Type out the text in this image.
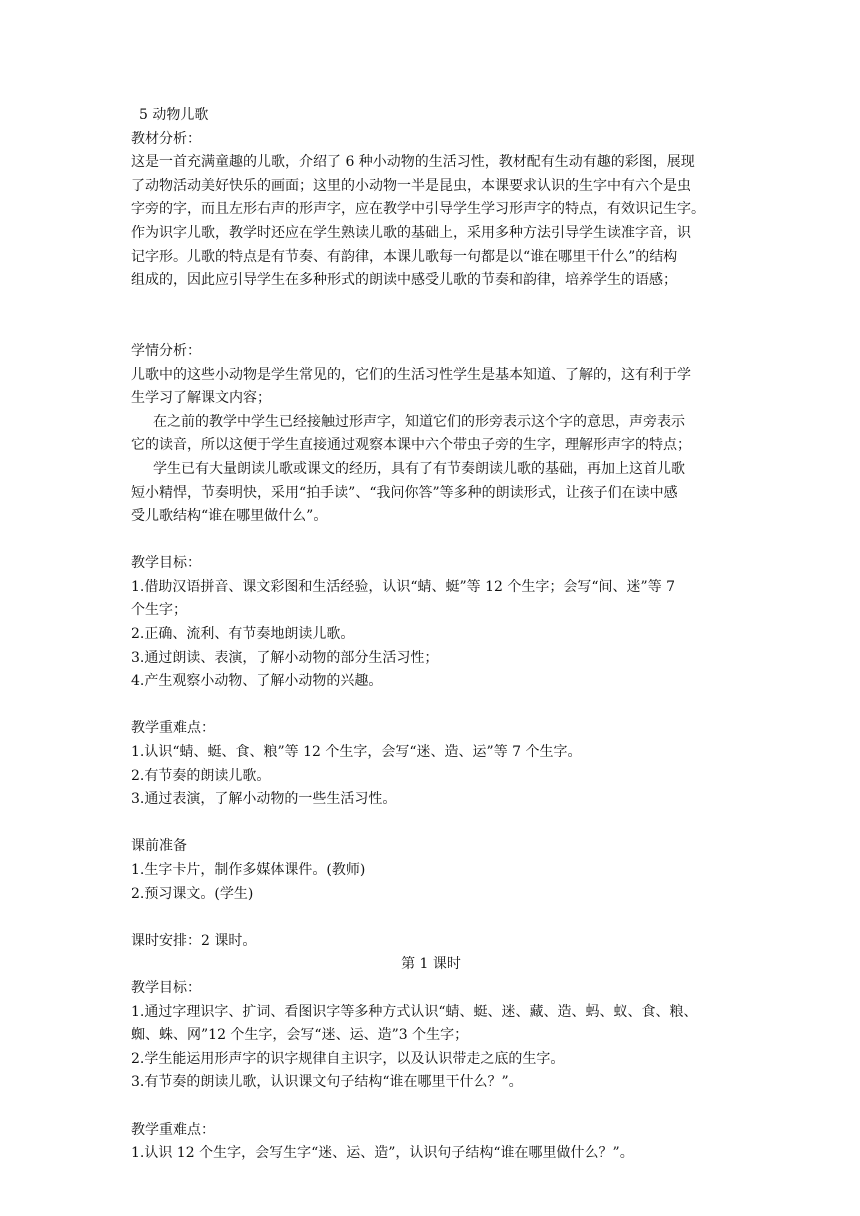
5 动物儿歌

教材分析：

这是一首充满童趣的儿歌，介绍了 6 种小动物的生活习性，教材配有生动有趣的彩图，展现

了动物活动美好快乐的画面；这里的小动物一半是昆虫，本课要求认识的生字中有六个是虫

字旁的字，而且左形右声的形声字，应在教学中引导学生学习形声字的特点，有效识记生字。

作为识字儿歌，教学时还应在学生熟读儿歌的基础上，采用多种方法引导学生读准字音，识

记字形。儿歌的特点是有节奏、有韵律，本课儿歌每一句都是以“谁在哪里干什么”的结构

组成的，因此应引导学生在多种形式的朗读中感受儿歌的节奏和韵律，培养学生的语感；

学情分析：

儿歌中的这些小动物是学生常见的，它们的生活习性学生是基本知道、了解的，这有利于学

生学习了解课文内容；

在之前的教学中学生已经接触过形声字，知道它们的形旁表示这个字的意思，声旁表示

它的读音，所以这便于学生直接通过观察本课中六个带虫子旁的生字，理解形声字的特点；

学生已有大量朗读儿歌或课文的经历，具有了有节奏朗读儿歌的基础，再加上这首儿歌

短小精悍，节奏明快，采用“拍手读”、“我问你答”等多种的朗读形式，让孩子们在读中感

受儿歌结构“谁在哪里做什么”。

教学目标：

1.借助汉语拼音、课文彩图和生活经验，认识“蜻、蜓”等 12 个生字；会写“间、迷”等 7

个生字；

2.正确、流利、有节奏地朗读儿歌。

3.通过朗读、表演，了解小动物的部分生活习性；

4.产生观察小动物、了解小动物的兴趣。

教学重难点：

1.认识“蜻、蜓、食、粮”等 12 个生字，会写“迷、造、运”等 7 个生字。

2.有节奏的朗读儿歌。

3.通过表演，了解小动物的一些生活习性。

课前准备

1.生字卡片，制作多媒体课件。(教师)

2.预习课文。(学生)

课时安排：2 课时。

第 1 课时

教学目标：

1.通过字理识字、扩词、看图识字等多种方式认识“蜻、蜓、迷、藏、造、蚂、蚁、食、粮、

蜘、蛛、网”12 个生字，会写“迷、运、造”3 个生字；

2.学生能运用形声字的识字规律自主识字，以及认识带走之底的生字。

3.有节奏的朗读儿歌，认识课文句子结构“谁在哪里干什么？”。

教学重难点：

1.认识 12 个生字，会写生字“迷、运、造”，认识句子结构“谁在哪里做什么？”。
